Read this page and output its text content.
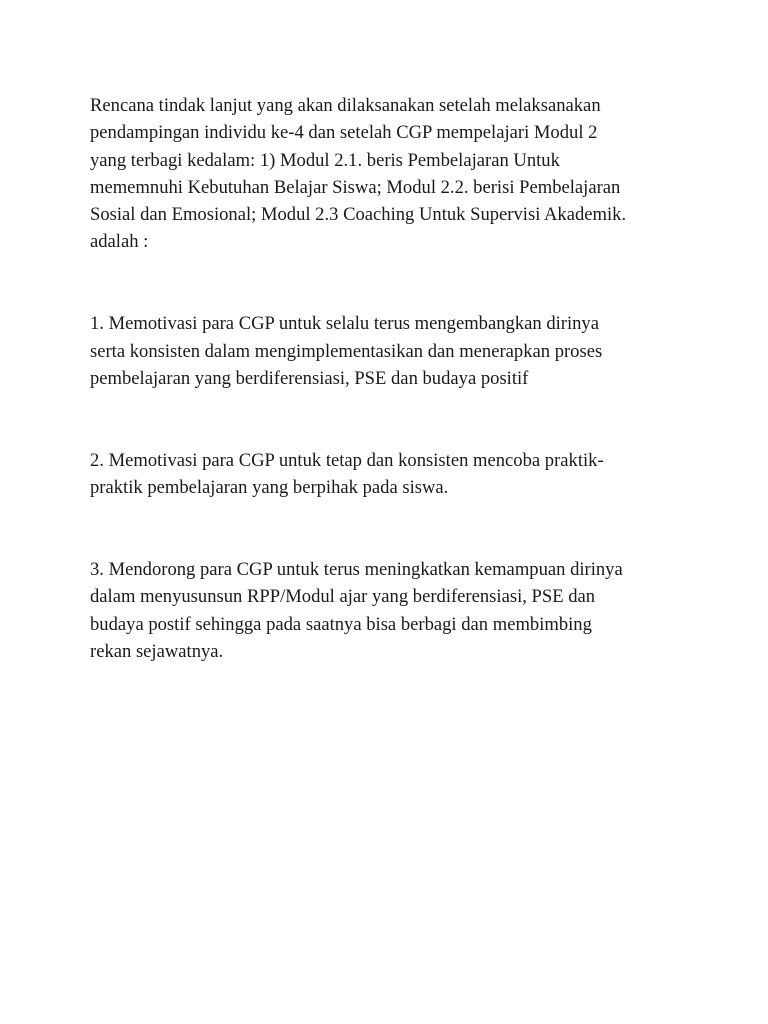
Rencana tindak lanjut yang akan dilaksanakan setelah melaksanakan
pendampingan individu ke-4 dan setelah CGP mempelajari Modul 2
yang terbagi kedalam: 1) Modul 2.1. beris Pembelajaran Untuk
mememnuhi Kebutuhan Belajar Siswa; Modul 2.2. berisi Pembelajaran
Sosial dan Emosional; Modul 2.3 Coaching Untuk Supervisi Akademik.
adalah :

1. Memotivasi para CGP untuk selalu terus mengembangkan dirinya
serta konsisten dalam mengimplementasikan dan menerapkan proses
pembelajaran yang berdiferensiasi, PSE dan budaya positif

2. Memotivasi para CGP untuk tetap dan konsisten mencoba praktik-
praktik pembelajaran yang berpihak pada siswa.

3. Mendorong para CGP untuk terus meningkatkan kemampuan dirinya
dalam menyusunsun RPP/Modul ajar yang berdiferensiasi, PSE dan
budaya postif sehingga pada saatnya bisa berbagi dan membimbing
rekan sejawatnya.
